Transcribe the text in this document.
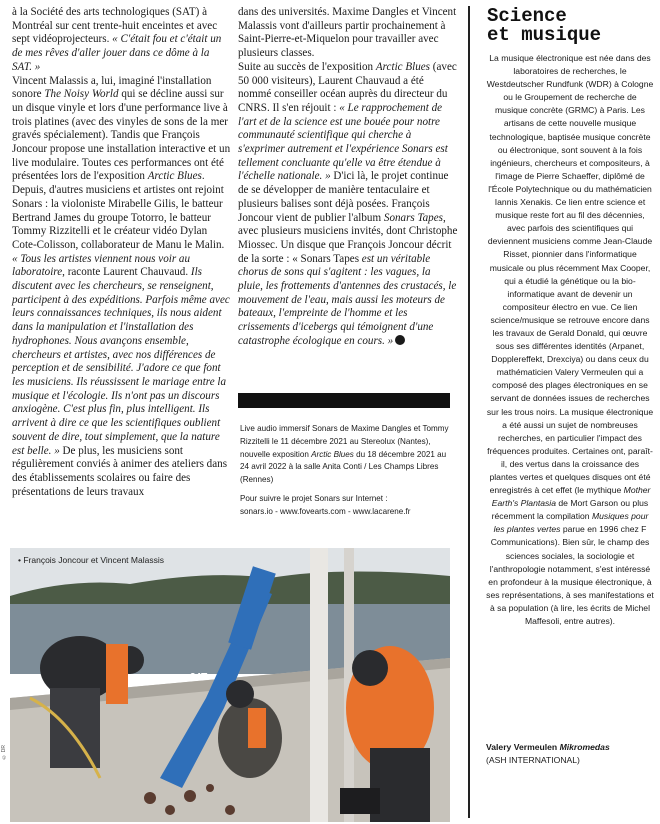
à la Société des arts technologiques (SAT) à Montréal sur cent trente-huit enceintes et avec sept vidéoprojecteurs. « C'était fou et c'était un de mes rêves d'aller jouer dans ce dôme à la SAT. »

Vincent Malassis a, lui, imaginé l'installation sonore The Noisy World qui se décline aussi sur un disque vinyle et lors d'une performance live à trois platines (avec des vinyles de sons de la mer gravés spécialement). Tandis que François Joncour propose une installation interactive et un live modulaire. Toutes ces performances ont été présentées lors de l'exposition Arctic Blues. Depuis, d'autres musiciens et artistes ont rejoint Sonars : la violoniste Mirabelle Gilis, le batteur Bertrand James du groupe Totorro, le batteur Tommy Rizzitelli et le créateur vidéo Dylan Cote-Colisson, collaborateur de Manu le Malin.

« Tous les artistes viennent nous voir au laboratoire, raconte Laurent Chauvaud. Ils discutent avec les chercheurs, se renseignent, participent à des expéditions. Parfois même avec leurs connaissances techniques, ils nous aident dans la manipulation et l'installation des hydrophones. Nous avançons ensemble, chercheurs et artistes, avec nos différences de perception et de sensibilité. J'adore ce que font les musiciens. Ils réussissent le mariage entre la musique et l'écologie. Ils n'ont pas un discours anxiogène. C'est plus fin, plus intelligent. Ils arrivent à dire ce que les scientifiques oublient souvent de dire, tout simplement, que la nature est belle. » De plus, les musiciens sont régulièrement conviés à animer des ateliers dans des établissements scolaires ou faire des présentations de leurs travaux

dans des universités. Maxime Dangles et Vincent Malassis vont d'ailleurs partir prochainement à Saint-Pierre-et-Miquelon pour travailler avec plusieurs classes.

Suite au succès de l'exposition Arctic Blues (avec 50 000 visiteurs), Laurent Chauvaud a été nommé conseiller océan auprès du directeur du CNRS. Il s'en réjouit : « Le rapprochement de l'art et de la science est une bouée pour notre communauté scientifique qui cherche à s'exprimer autrement et l'expérience Sonars est tellement concluante qu'elle va être étendue à l'échelle nationale. » D'ici là, le projet continue de se développer de manière tentaculaire et plusieurs balises sont déjà posées. François Joncour vient de publier l'album Sonars Tapes, avec plusieurs musiciens invités, dont Christophe Miossec. Un disque que François Joncour décrit de la sorte : « Sonars Tapes est un véritable chorus de sons qui s'agitent : les vagues, la pluie, les frottements d'antennes des crustacés, le mouvement de l'eau, mais aussi les moteurs de bateaux, l'empreinte de l'homme et les crissements d'icebergs qui témoignent d'une catastrophe écologique en cours. »

Live audio immersif Sonars de Maxime Dangles et Tommy Rizzitelli le 11 décembre 2021 au Stereolux (Nantes), nouvelle exposition Arctic Blues du 18 décembre 2021 au 24 avril 2022 à la salle Anita Conti / Les Champs Libres (Rennes)

Pour suivre le projet Sonars sur Internet :
sonars.io - www.fovearts.com - www.lacarene.fr

24T
• François Joncour et Vincent Malassis
Science
et musique

La musique électronique est née dans des laboratoires de recherches, le Westdeutscher Rundfunk (WDR) à Cologne ou le Groupement de recherche de musique concrète (GRMC) à Paris. Les artisans de cette nouvelle musique technologique, baptisée musique concrète ou électronique, sont souvent à la fois ingénieurs, chercheurs et compositeurs, à l'image de Pierre Schaeffer, diplômé de l'École Polytechnique ou du mathématicien Iannis Xenakis. Ce lien entre science et musique reste fort au fil des décennies, avec parfois des scientifiques qui deviennent musiciens comme Jean-Claude Risset, pionnier dans l'informatique musicale ou plus récemment Max Cooper, qui a étudié la génétique ou la bio-informatique avant de devenir un compositeur électro en vue. Ce lien science/musique se retrouve encore dans les travaux de Gerald Donald, qui œuvre sous ses différentes identités (Arpanet, Dopplereffekt, Drexciya) ou dans ceux du mathématicien Valery Vermeulen qui a composé des plages électroniques en se servant de données issues de recherches sur les trous noirs. La musique électronique a été aussi un sujet de nombreuses recherches, en particulier l'impact des fréquences produites. Certaines ont, paraît-il, des vertus dans la croissance des plantes vertes et quelques disques ont été enregistrés à cet effet (le mythique Mother Earth's Plantasia de Mort Garson ou plus récemment la compilation Musiques pour les plantes vertes parue en 1996 chez F Communications). Bien sûr, le champ des sciences sociales, la sociologie et l'anthropologie notamment, s'est intéressé en profondeur à la musique électronique, à ses représentations, à ses manifestations et à sa population (à lire, les écrits de Michel Maffesoli, entre autres).

Valery Vermeulen Mikromedas

(ASH INTERNATIONAL)

© DR
